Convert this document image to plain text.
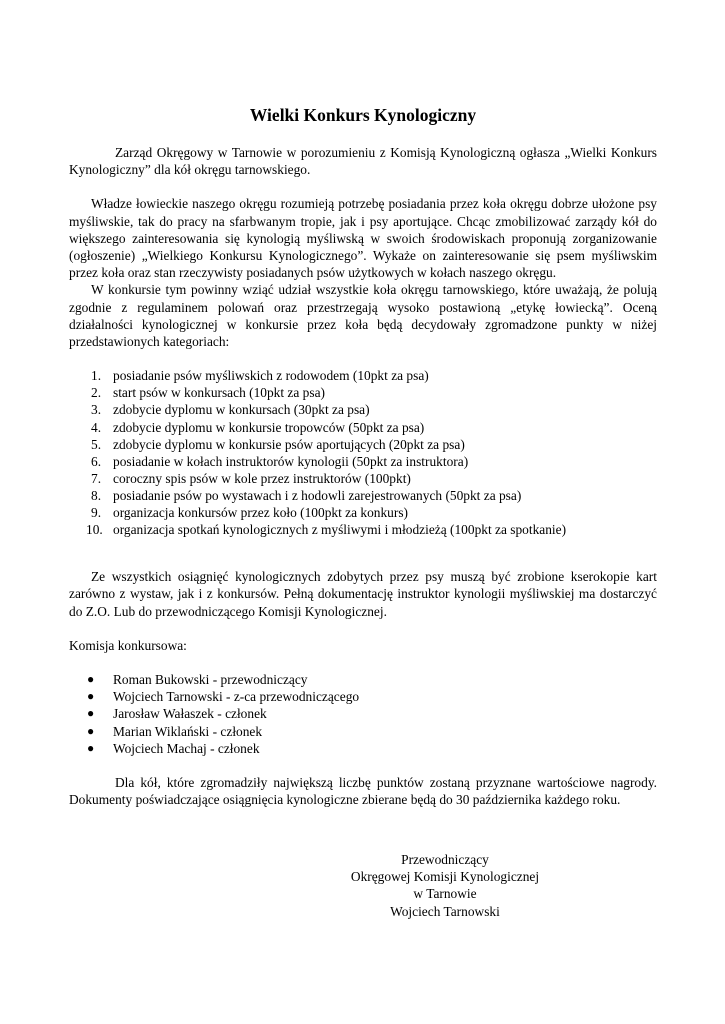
Wielki Konkurs Kynologiczny

Zarząd Okręgowy w Tarnowie w porozumieniu z Komisją Kynologiczną ogłasza „Wielki Konkurs Kynologiczny” dla kół okręgu tarnowskiego.

Władze łowieckie naszego okręgu rozumieją potrzebę posiadania przez koła okręgu dobrze ułożone psy myśliwskie, tak do pracy na sfarbwanym tropie, jak i psy aportujące. Chcąc zmobilizować zarządy kół do większego zainteresowania się kynologią myśliwską w swoich środowiskach proponują zorganizowanie (ogłoszenie) „Wielkiego Konkursu Kynologicznego”. Wykaże on zainteresowanie się psem myśliwskim przez koła oraz stan rzeczywisty posiadanych psów użytkowych w kołach naszego okręgu.

W konkursie tym powinny wziąć udział wszystkie koła okręgu tarnowskiego, które uważają, że polują zgodnie z regulaminem polowań oraz przestrzegają wysoko postawioną „etykę łowiecką”. Oceną działalności kynologicznej w konkursie przez koła będą decydowały zgromadzone punkty w niżej przedstawionych kategoriach:

1. posiadanie psów myśliwskich z rodowodem (10pkt za psa)
2. start psów w konkursach (10pkt za psa)
3. zdobycie dyplomu w konkursach (30pkt za psa)
4. zdobycie dyplomu w konkursie tropowców (50pkt za psa)
5. zdobycie dyplomu w konkursie psów aportujących (20pkt za psa)
6. posiadanie w kołach instruktorów kynologii (50pkt za instruktora)
7. coroczny spis psów w kole przez instruktorów (100pkt)
8. posiadanie psów po wystawach i z hodowli zarejestrowanych (50pkt za psa)
9. organizacja konkursów przez koło (100pkt za konkurs)
10. organizacja spotkań kynologicznych z myśliwymi i młodzieżą (100pkt za spotkanie)

Ze wszystkich osiągnięć kynologicznych zdobytych przez psy muszą być zrobione kserokopie kart zarówno z wystaw, jak i z konkursów. Pełną dokumentację instruktor kynologii myśliwskiej ma dostarczyć do Z.O. Lub do przewodniczącego Komisji Kynologicznej.

Komisja konkursowa:

● Roman Bukowski - przewodniczący
● Wojciech Tarnowski - z-ca przewodniczącego
● Jarosław Wałaszek - członek
● Marian Wiklański - członek
● Wojciech Machaj - członek

Dla kół, które zgromadziły największą liczbę punktów zostaną przyznane wartościowe nagrody. Dokumenty poświadczające osiągnięcia kynologiczne zbierane będą do 30 października każdego roku.

Przewodniczący
Okręgowej Komisji Kynologicznej
w Tarnowie
Wojciech Tarnowski
